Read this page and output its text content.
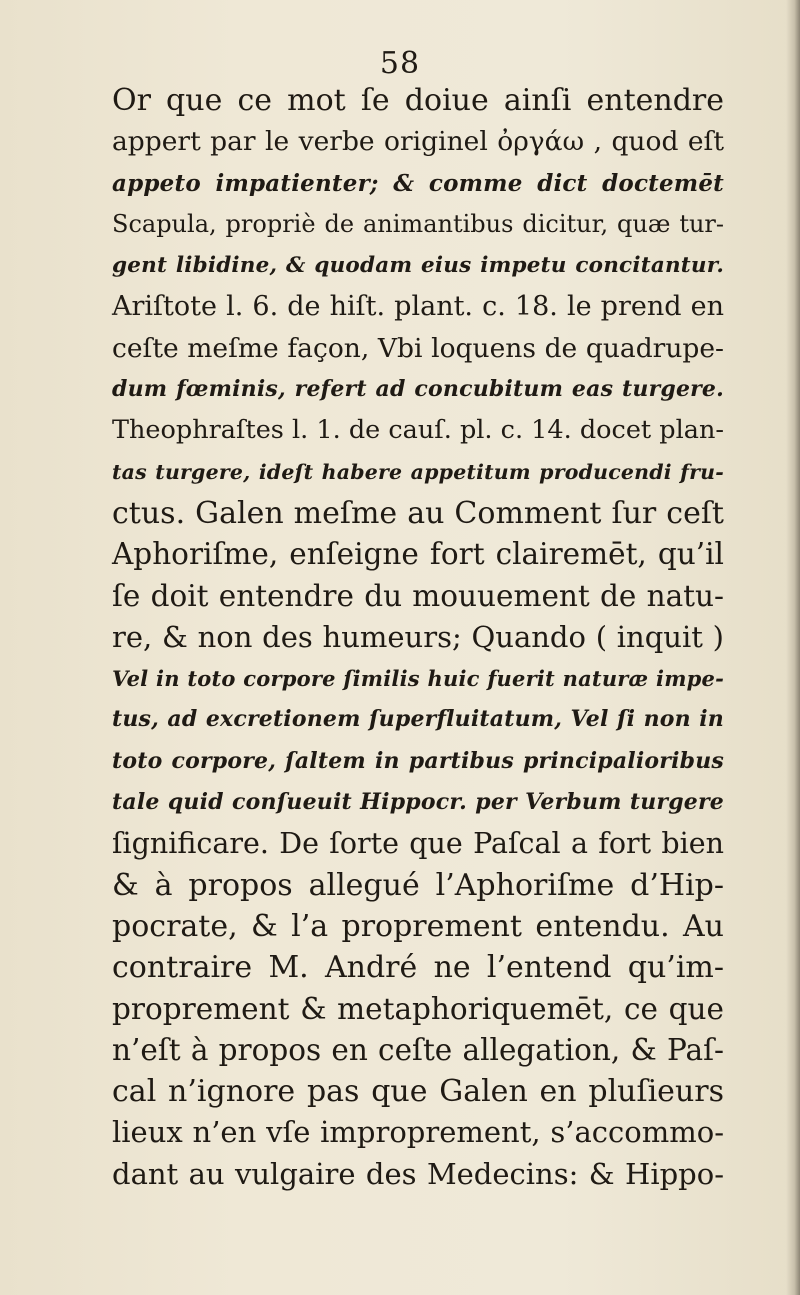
58
Or que ce mot ſe doiue ainſi entendre
appert par le verbe originel ὀργάω , quod eſt
appeto impatienter; & comme dict doctemēt
Scapula, propriè de animantibus dicitur, quæ tur-
gent libidine, & quodam eius impetu concitantur.
Ariſtote l. 6. de hiſt. plant. c. 18. le prend en
ceſte meſme façon, Vbi loquens de quadrupe-
dum fœminis, refert ad concubitum eas turgere.
Theophraſtes l. 1. de cauſ. pl. c. 14. docet plan-
tas turgere, ideſt habere appetitum producendi fru-
ctus. Galen meſme au Comment ſur ceſt
Aphoriſme, enſeigne fort clairemēt, qu’il
ſe doit entendre du mouuement de natu-
re, & non des humeurs; Quando ( inquit )
Vel in toto corpore ſimilis huic fuerit naturæ impe-
tus, ad excretionem ſuperfluitatum, Vel ſi non in
toto corpore, ſaltem in partibus principalioribus
tale quid conſueuit Hippocr. per Verbum turgere
ſignificare. De ſorte que Paſcal a fort bien
& à propos allegué l’Aphoriſme d’Hip-
pocrate, & l’a proprement entendu. Au
contraire M. André ne l’entend qu’im-
proprement & metaphoriquemēt, ce que
n’eſt à propos en ceſte allegation, & Paſ-
cal n’ignore pas que Galen en pluſieurs
lieux n’en vſe improprement, s’accommo-
dant au vulgaire des Medecins: & Hippo-
